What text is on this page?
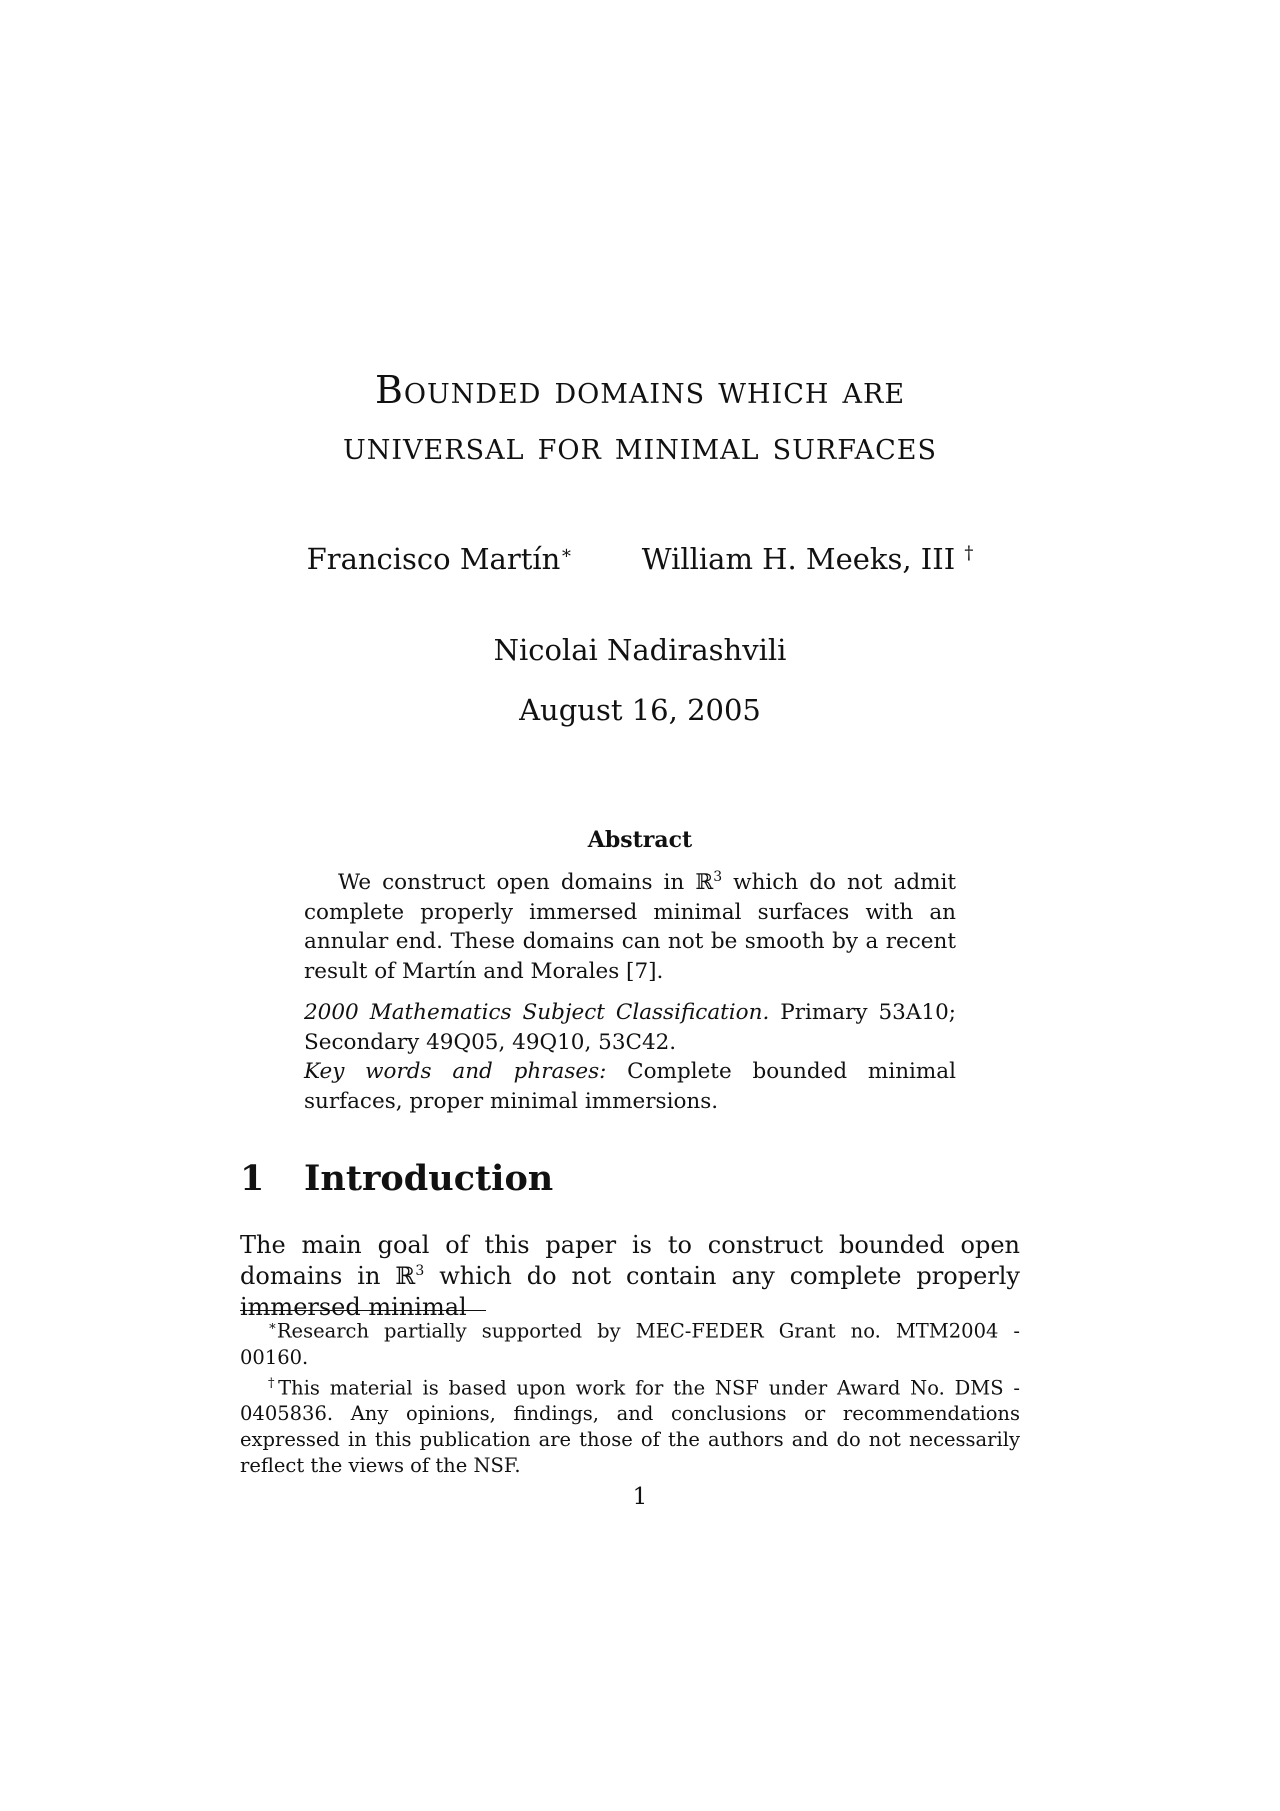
Bounded domains which are
universal for minimal surfaces
Francisco Martín∗ William H. Meeks, III †
Nicolai Nadirashvili
August 16, 2005
Abstract
We construct open domains in ℝ$^3$ which do not admit complete properly immersed minimal surfaces with an annular end. These domains can not be smooth by a recent result of Martín and Morales [7].
2000 Mathematics Subject Classification. Primary 53A10; Secondary 49Q05, 49Q10, 53C42.
Key words and phrases: Complete bounded minimal surfaces, proper minimal immersions.
1 Introduction
The main goal of this paper is to construct bounded open domains in ℝ$^3$ which do not contain any complete properly immersed minimal
∗Research partially supported by MEC-FEDER Grant no. MTM2004 - 00160.
†This material is based upon work for the NSF under Award No. DMS - 0405836. Any opinions, findings, and conclusions or recommendations expressed in this publication are those of the authors and do not necessarily reflect the views of the NSF.
1
